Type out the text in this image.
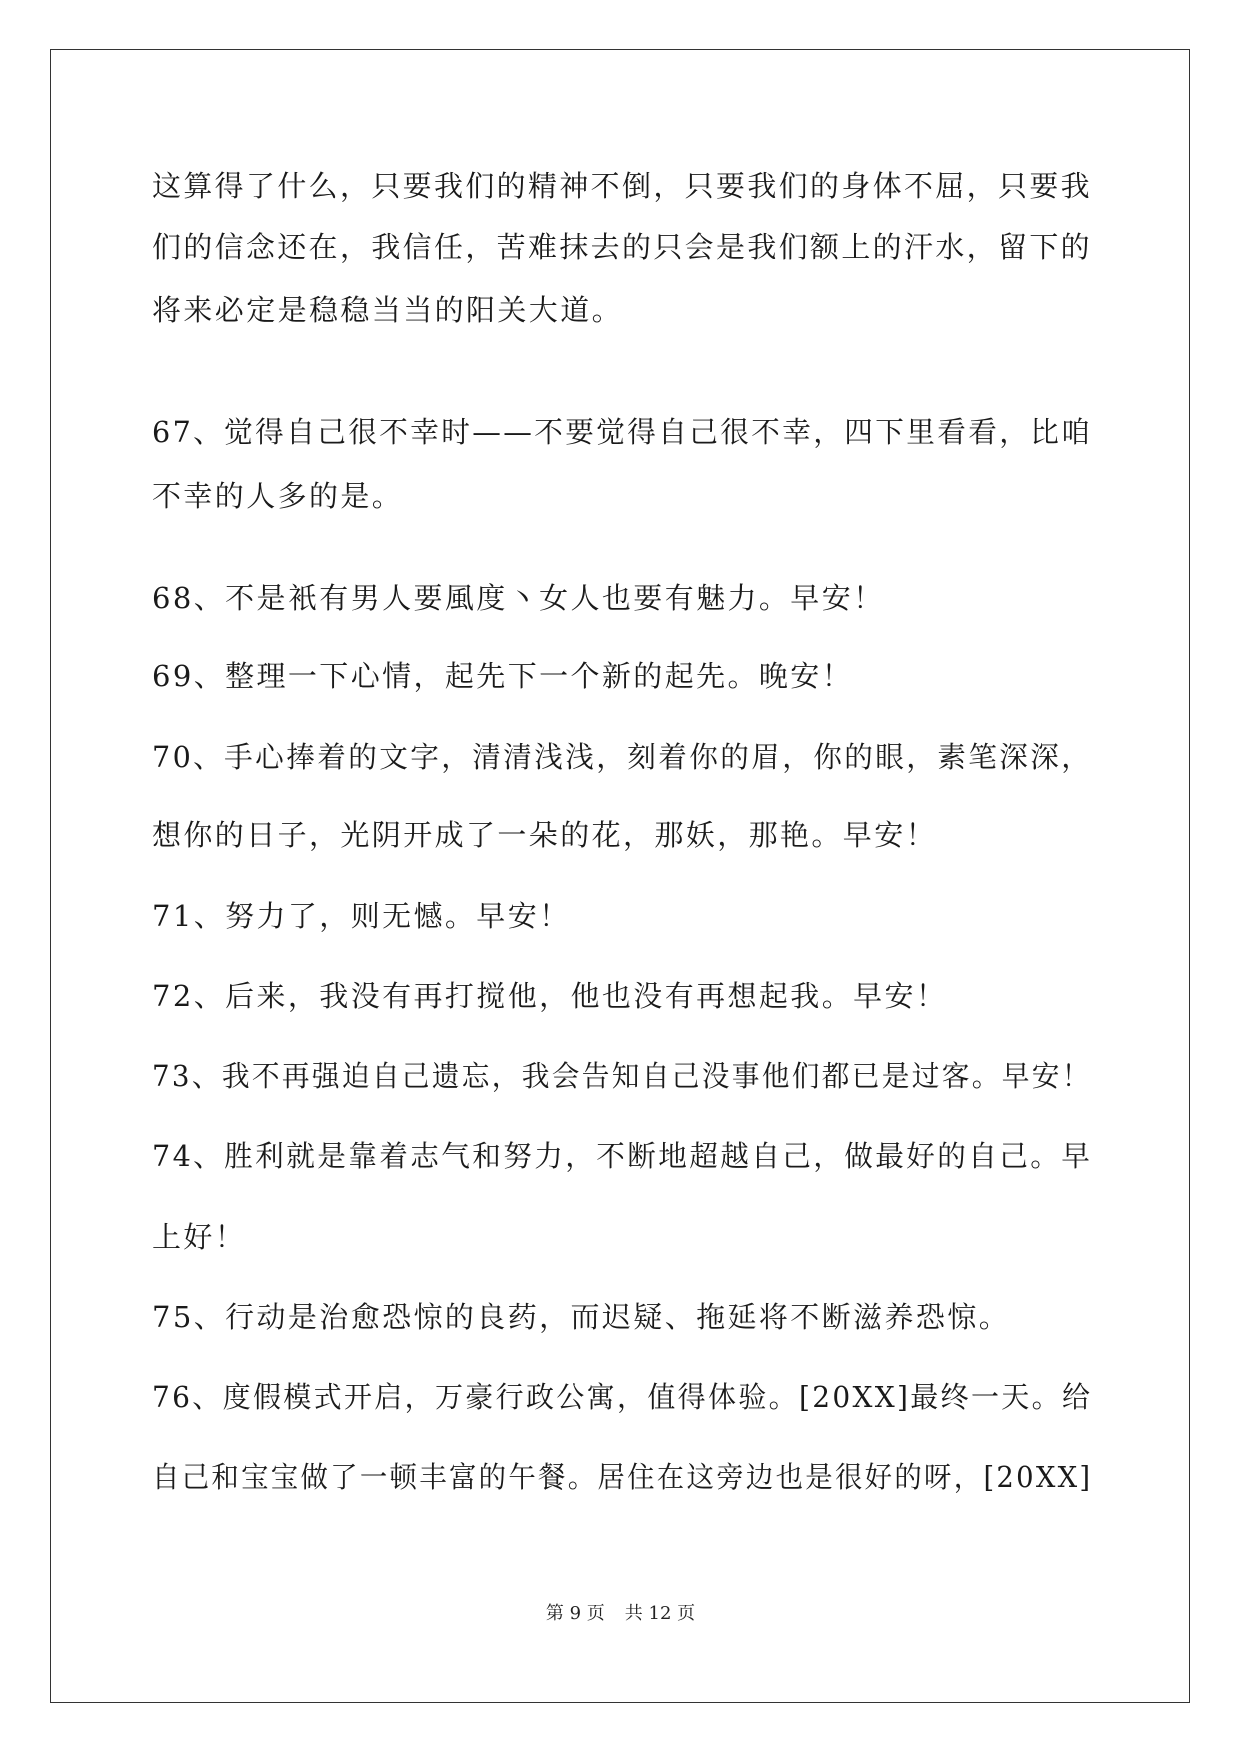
这算得了什么，只要我们的精神不倒，只要我们的身体不屈，只要我
们的信念还在，我信任，苦难抹去的只会是我们额上的汗水，留下的
将来必定是稳稳当当的阳关大道。
67、觉得自己很不幸时——不要觉得自己很不幸，四下里看看，比咱
不幸的人多的是。
68、不是衹有男人要風度丶女人也要有魅力。早安！
69、整理一下心情，起先下一个新的起先。晚安！
70、手心捧着的文字，清清浅浅，刻着你的眉，你的眼，素笔深深，
想你的日子，光阴开成了一朵的花，那妖，那艳。早安！
71、努力了，则无憾。早安！
72、后来，我没有再打搅他，他也没有再想起我。早安！
73、我不再强迫自己遗忘，我会告知自己没事他们都已是过客。早安！
74、胜利就是靠着志气和努力，不断地超越自己，做最好的自己。早
上好！
75、行动是治愈恐惊的良药，而迟疑、拖延将不断滋养恐惊。
76、度假模式开启，万豪行政公寓，值得体验。[20XX]最终一天。给
自己和宝宝做了一顿丰富的午餐。居住在这旁边也是很好的呀，[20XX]
第 9 页 共 12 页
